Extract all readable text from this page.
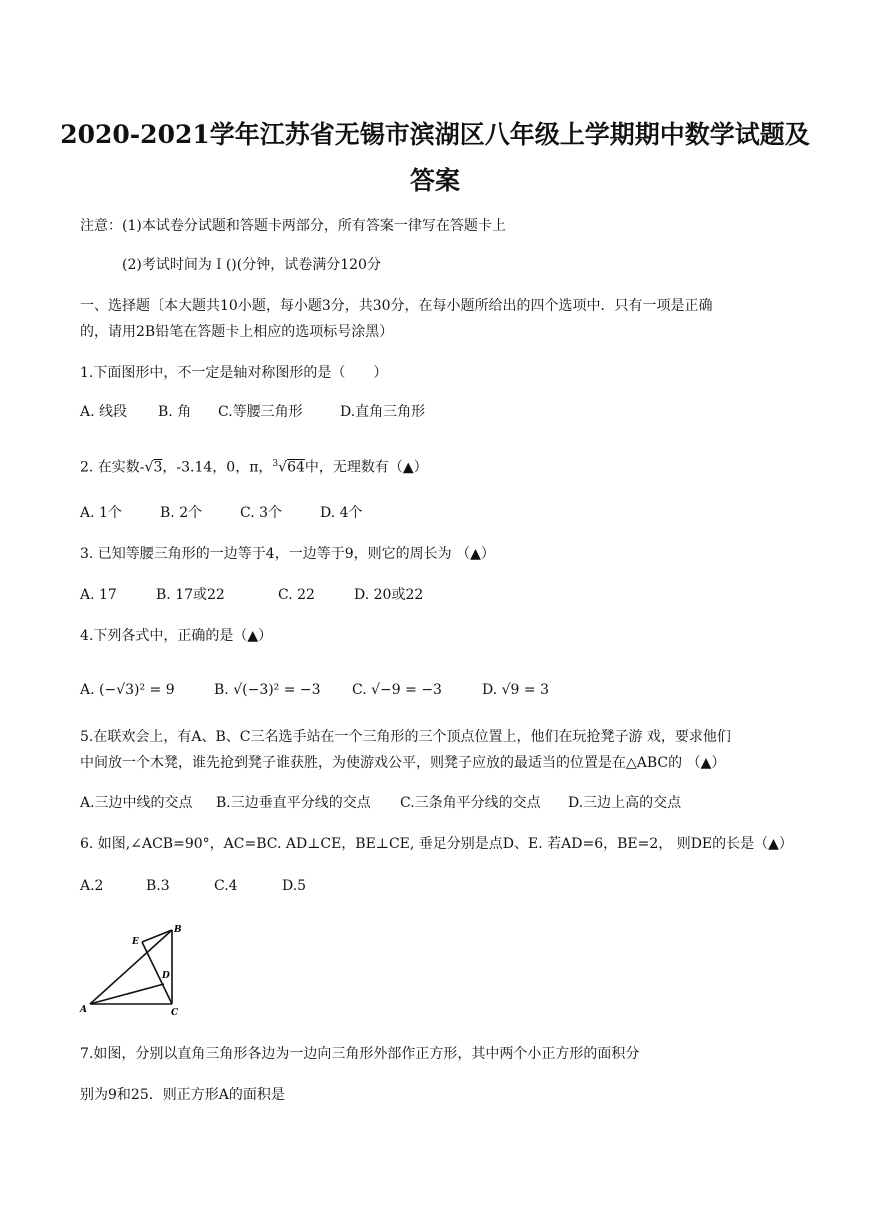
2020-2021学年江苏省无锡市滨湖区八年级上学期期中数学试题及答案
注意：(1)本试卷分试题和答题卡两部分，所有答案一律写在答题卡上
(2)考试时间为Ｉ()(分钟，试卷满分120分
一、选择题〔本大题共10小题，每小题3分，共30分，在每小题所给出的四个选项中．只有一项是正确
的，请用2B铅笔在答题卡上相应的选项标号涂黑）
1.下面图形中，不一定是轴对称图形的是（　　）
A. 线段 B. 角 C.等腰三角形	D.直角三角形
2. 在实数-√3，-3.14，0，π，$^3$√64中，无理数有（▲）
A. 1个	B. 2个	C. 3个	D. 4个
3. 已知等腰三角形的一边等于4，一边等于9，则它的周长为 （▲）
A. 17	B. 17或22	C. 22	D. 20或22
4.下列各式中，正确的是（▲）
A. (−√3)² = 9	B. √(−3)² = −3 C. √−9 = −3	D. √9 = 3
5.在联欢会上，有A、B、C三名选手站在一个三角形的三个顶点位置上，他们在玩抢凳子游 戏，要求他们
中间放一个木凳，谁先抢到凳子谁获胜，为使游戏公平，则凳子应放的最适当的位置是在△ABC的 （▲）
A.三边中线的交点 B.三边垂直平分线的交点 C.三条角平分线的交点 D.三边上高的交点
6. 如图,∠ACB=90°，AC=BC. AD⊥CE，BE⊥CE, 垂足分别是点D、E. 若AD=6，BE=2， 则DE的长是（▲）
A.2	B.3	C.4	D.5
A
B
C
D
E
7.如图，分别以直角三角形各边为一边向三角形外部作正方形，其中两个小正方形的面积分
别为9和25．则正方形A的面积是
